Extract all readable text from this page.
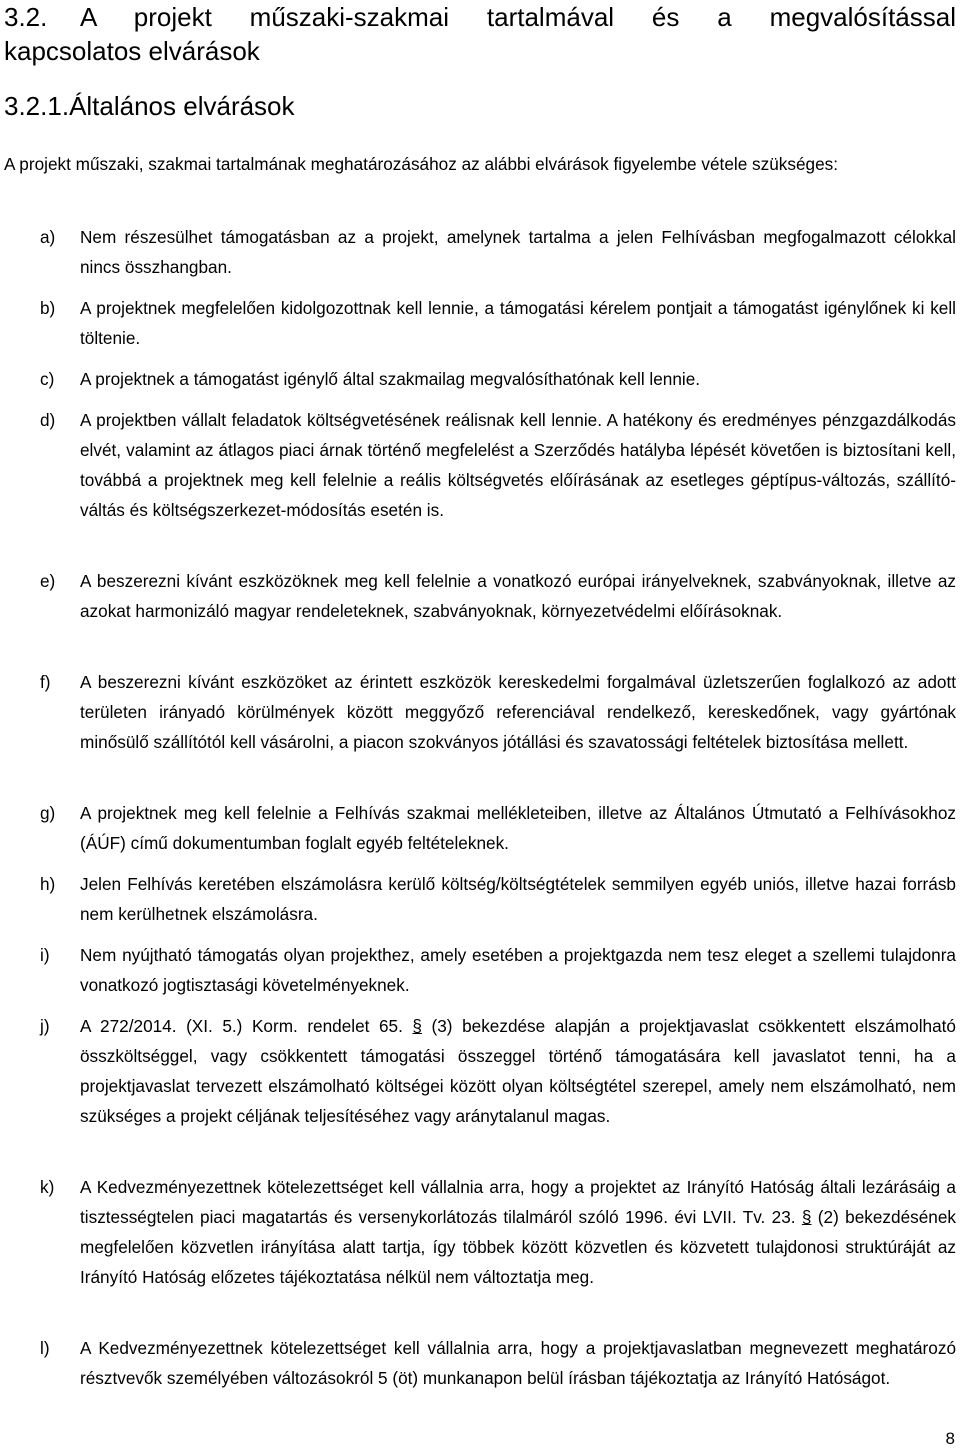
3.2. A projekt műszaki-szakmai tartalmával és a megvalósítással
kapcsolatos elvárások
3.2.1.Általános elvárások
A projekt műszaki, szakmai tartalmának meghatározásához az alábbi elvárások figyelembe vétele szükséges:
a)	Nem részesülhet támogatásban az a projekt, amelynek tartalma a jelen Felhívásban megfogalmazott célokkal nincs összhangban.
b)	A projektnek megfelelően kidolgozottnak kell lennie, a támogatási kérelem pontjait a támogatást igénylőnek ki kell töltenie.
c)	A projektnek a támogatást igénylő által szakmailag megvalósíthatónak kell lennie.
d)	A projektben vállalt feladatok költségvetésének reálisnak kell lennie. A hatékony és eredményes pénzgazdálkodás elvét, valamint az átlagos piaci árnak történő megfelelést a Szerződés hatályba lépését követően is biztosítani kell, továbbá a projektnek meg kell felelnie a reális költségvetés előírásának az esetleges géptípus-változás, szállító-váltás és költségszerkezet-módosítás esetén is.
e)	A beszerezni kívánt eszközöknek meg kell felelnie a vonatkozó európai irányelveknek, szabványoknak, illetve az azokat harmonizáló magyar rendeleteknek, szabványoknak, környezetvédelmi előírásoknak.
f)	A beszerezni kívánt eszközöket az érintett eszközök kereskedelmi forgalmával üzletszerűen foglalkozó az adott területen irányadó körülmények között meggyőző referenciával rendelkező, kereskedőnek, vagy gyártónak minősülő szállítótól kell vásárolni, a piacon szokványos jótállási és szavatossági feltételek biztosítása mellett.
g)	A projektnek meg kell felelnie a Felhívás szakmai mellékleteiben, illetve az Általános Útmutató a Felhívásokhoz (ÁÚF) című dokumentumban foglalt egyéb feltételeknek.
h)	Jelen Felhívás keretében elszámolásra kerülő költség/költségtételek semmilyen egyéb uniós, illetve hazai forrásb nem kerülhetnek elszámolásra.
i)	Nem nyújtható támogatás olyan projekthez, amely esetében a projektgazda nem tesz eleget a szellemi tulajdonra vonatkozó jogtisztasági követelményeknek.
j)	A 272/2014. (XI. 5.) Korm. rendelet 65. § (3) bekezdése alapján a projektjavaslat csökkentett elszámolható összköltséggel, vagy csökkentett támogatási összeggel történő támogatására kell javaslatot tenni, ha a projektjavaslat tervezett elszámolható költségei között olyan költségtétel szerepel, amely nem elszámolható, nem szükséges a projekt céljának teljesítéséhez vagy aránytalanul magas.
k)	A Kedvezményezettnek kötelezettséget kell vállalnia arra, hogy a projektet az Irányító Hatóság általi lezárásáig a tisztességtelen piaci magatartás és versenykorlátozás tilalmáról szóló 1996. évi LVII. Tv. 23. § (2) bekezdésének megfelelően közvetlen irányítása alatt tartja, így többek között közvetlen és közvetett tulajdonosi struktúráját az Irányító Hatóság előzetes tájékoztatása nélkül nem változtatja meg.
l)	A Kedvezményezettnek kötelezettséget kell vállalnia arra, hogy a projektjavaslatban megnevezett meghatározó résztvevők személyében változásokról 5 (öt) munkanapon belül írásban tájékoztatja az Irányító Hatóságot.
8
